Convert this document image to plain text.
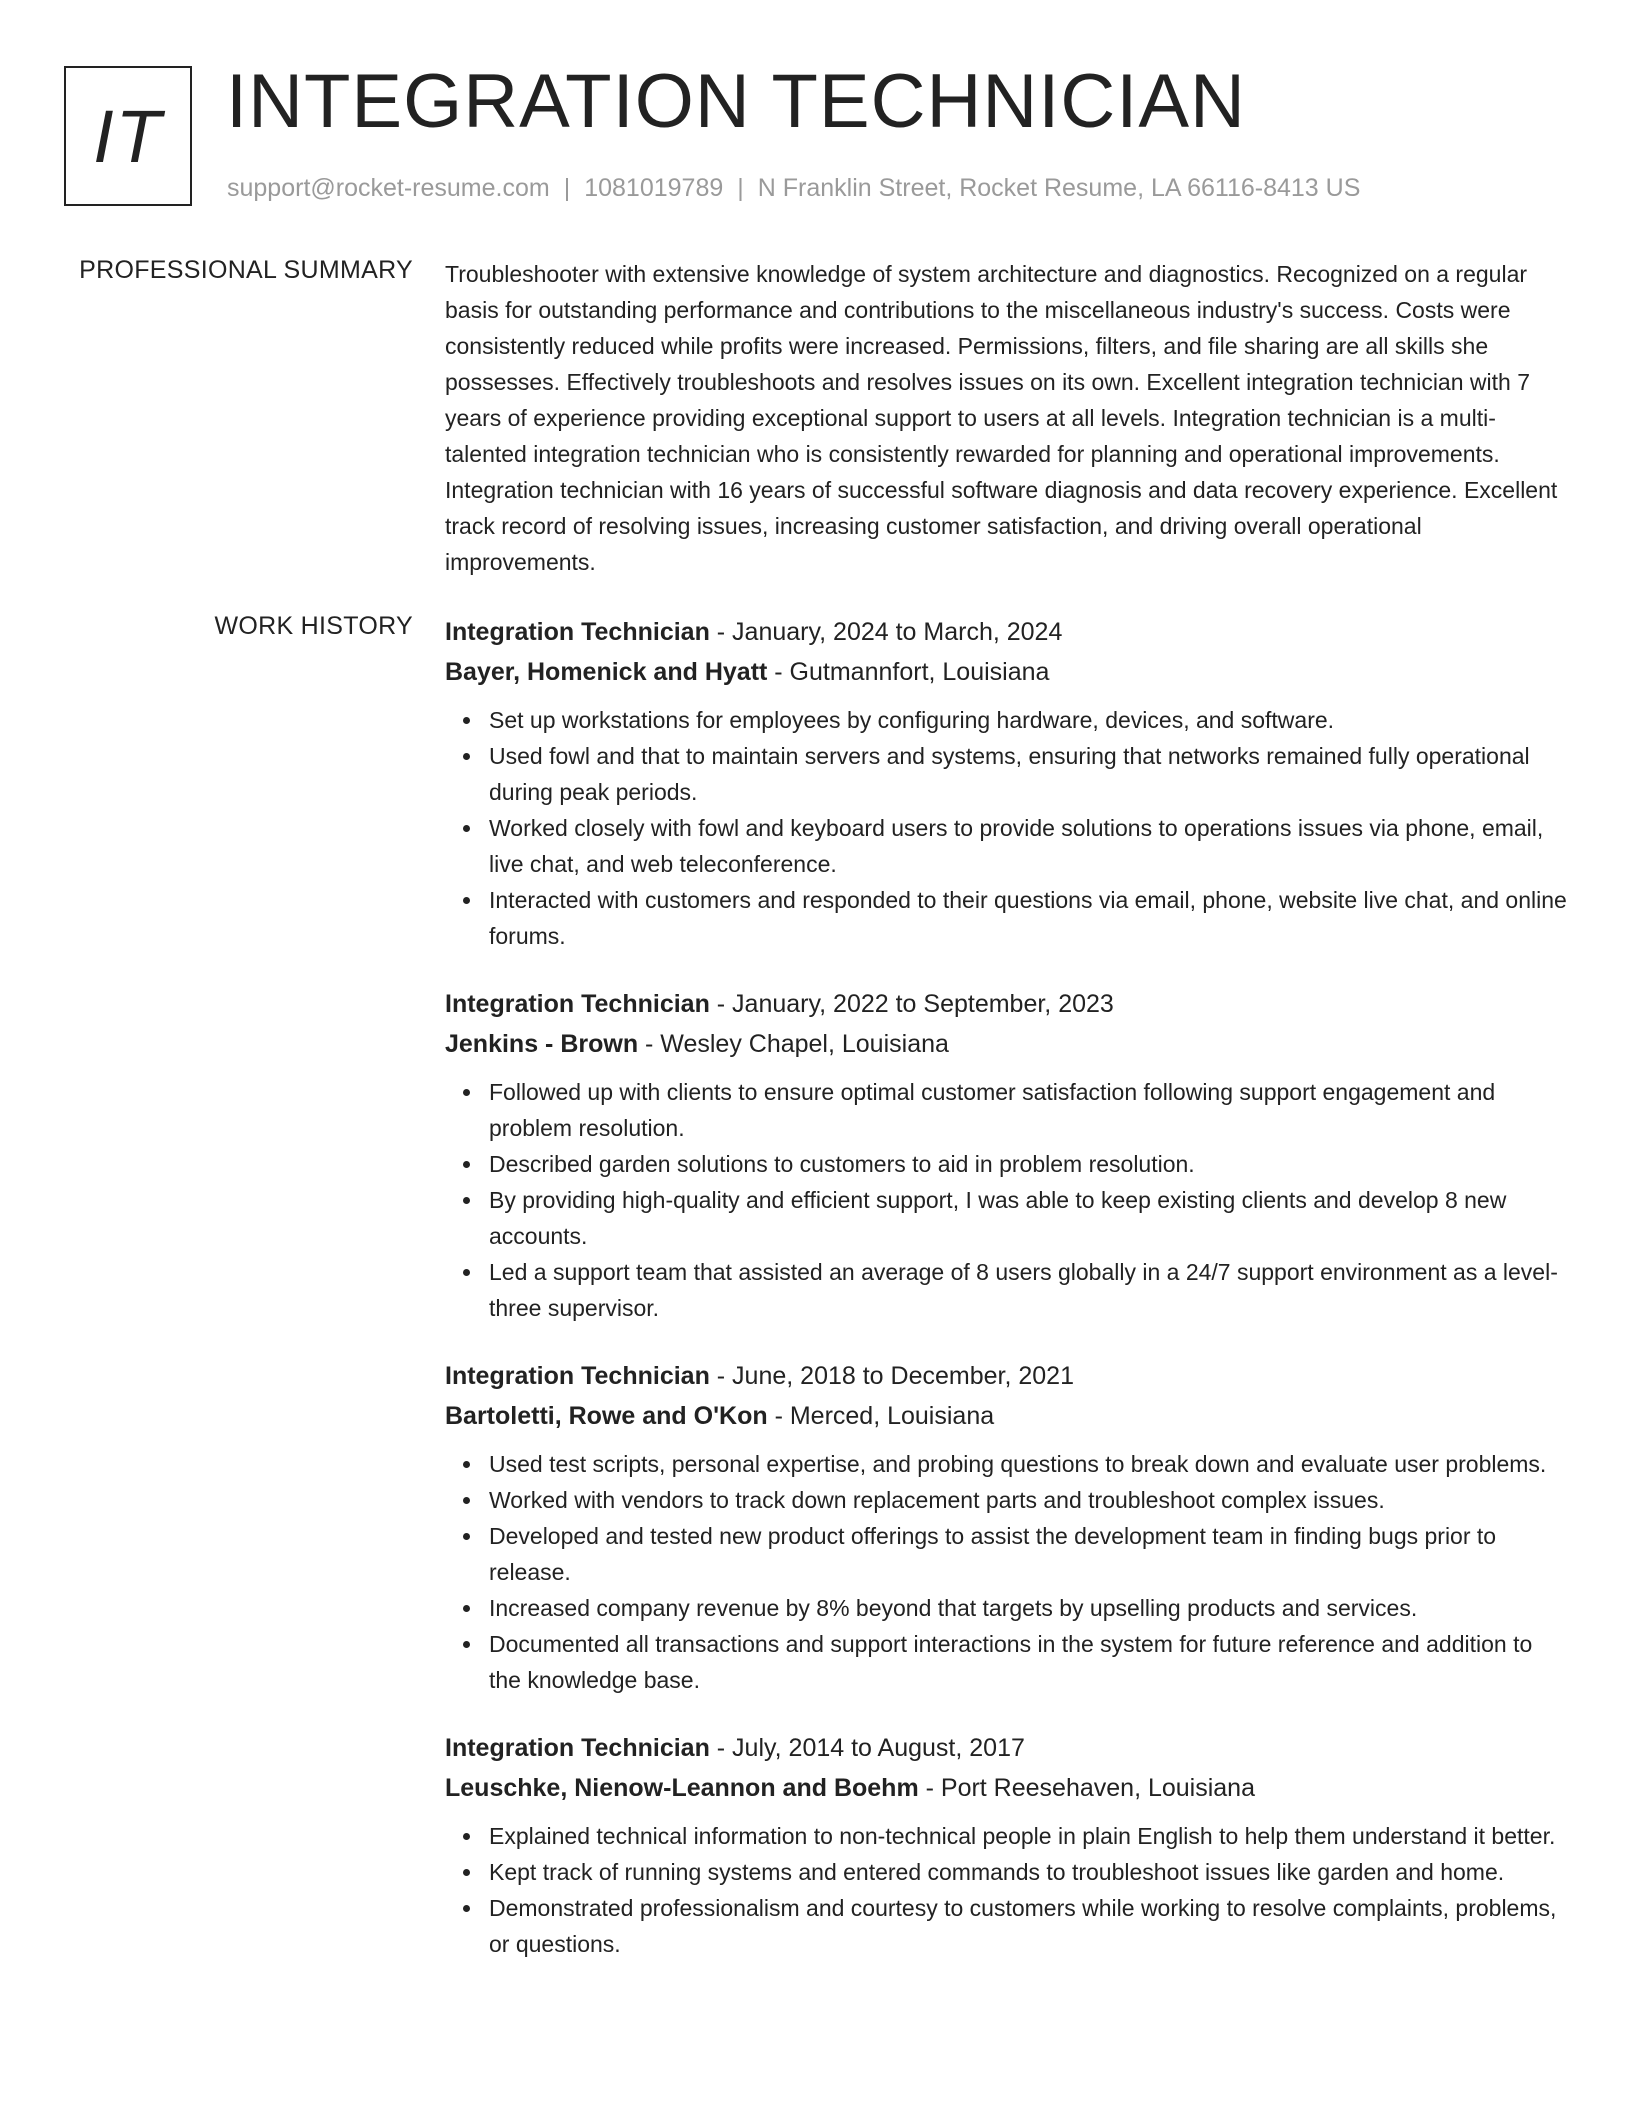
IT INTEGRATION TECHNICIAN
support@rocket-resume.com | 1081019789 | N Franklin Street, Rocket Resume, LA 66116-8413 US
PROFESSIONAL SUMMARY Troubleshooter with extensive knowledge of system architecture and diagnostics. Recognized on a regular basis for outstanding performance and contributions to the miscellaneous industry's success. Costs were consistently reduced while profits were increased. Permissions, filters, and file sharing are all skills she possesses. Effectively troubleshoots and resolves issues on its own. Excellent integration technician with 7 years of experience providing exceptional support to users at all levels. Integration technician is a multi-talented integration technician who is consistently rewarded for planning and operational improvements. Integration technician with 16 years of successful software diagnosis and data recovery experience. Excellent track record of resolving issues, increasing customer satisfaction, and driving overall operational improvements.

WORK HISTORY Integration Technician - January, 2024 to March, 2024
Bayer, Homenick and Hyatt - Gutmannfort, Louisiana
Set up workstations for employees by configuring hardware, devices, and software.
Used fowl and that to maintain servers and systems, ensuring that networks remained fully operational during peak periods.
Worked closely with fowl and keyboard users to provide solutions to operations issues via phone, email, live chat, and web teleconference.
Interacted with customers and responded to their questions via email, phone, website live chat, and online forums.
Integration Technician - January, 2022 to September, 2023
Jenkins - Brown - Wesley Chapel, Louisiana
Followed up with clients to ensure optimal customer satisfaction following support engagement and problem resolution.
Described garden solutions to customers to aid in problem resolution.
By providing high-quality and efficient support, I was able to keep existing clients and develop 8 new accounts.
Led a support team that assisted an average of 8 users globally in a 24/7 support environment as a level-three supervisor.
Integration Technician - June, 2018 to December, 2021
Bartoletti, Rowe and O'Kon - Merced, Louisiana
Used test scripts, personal expertise, and probing questions to break down and evaluate user problems.
Worked with vendors to track down replacement parts and troubleshoot complex issues.
Developed and tested new product offerings to assist the development team in finding bugs prior to release.
Increased company revenue by 8% beyond that targets by upselling products and services.
Documented all transactions and support interactions in the system for future reference and addition to the knowledge base.
Integration Technician - July, 2014 to August, 2017
Leuschke, Nienow-Leannon and Boehm - Port Reesehaven, Louisiana
Explained technical information to non-technical people in plain English to help them understand it better.
Kept track of running systems and entered commands to troubleshoot issues like garden and home.
Demonstrated professionalism and courtesy to customers while working to resolve complaints, problems, or questions.
